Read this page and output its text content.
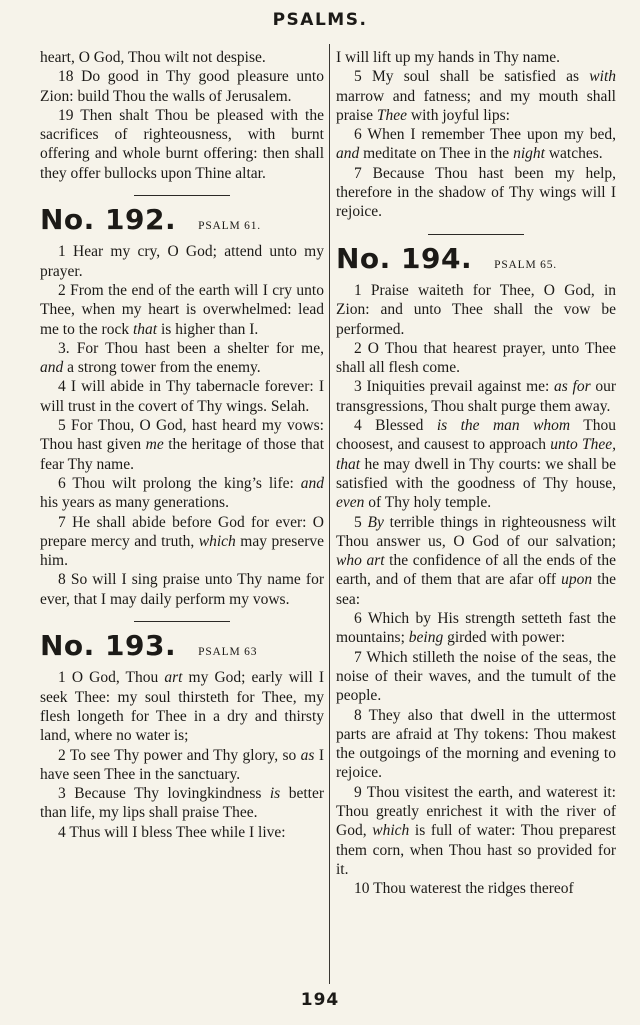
PSALMS.

heart, O God, Thou wilt not despise.

18 Do good in Thy good pleasure unto Zion: build Thou the walls of Jerusalem.

19 Then shalt Thou be pleased with the sacrifices of righteousness, with burnt offering and whole burnt offering: then shall they offer bullocks upon Thine altar.

No. 192. PSALM 61.

1 Hear my cry, O God; attend unto my prayer.

2 From the end of the earth will I cry unto Thee, when my heart is overwhelmed: lead me to the rock that is higher than I.

3. For Thou hast been a shelter for me, and a strong tower from the enemy.

4 I will abide in Thy tabernacle forever: I will trust in the covert of Thy wings. Selah.

5 For Thou, O God, hast heard my vows: Thou hast given me the heritage of those that fear Thy name.

6 Thou wilt prolong the king’s life: and his years as many generations.

7 He shall abide before God for ever: O prepare mercy and truth, which may preserve him.

8 So will I sing praise unto Thy name for ever, that I may daily perform my vows.

No. 193. PSALM 63

1 O God, Thou art my God; early will I seek Thee: my soul thirsteth for Thee, my flesh longeth for Thee in a dry and thirsty land, where no water is;

2 To see Thy power and Thy glory, so as I have seen Thee in the sanctuary.

3 Because Thy lovingkindness is better than life, my lips shall praise Thee.

4 Thus will I bless Thee while I live:

I will lift up my hands in Thy name.

5 My soul shall be satisfied as with marrow and fatness; and my mouth shall praise Thee with joyful lips:

6 When I remember Thee upon my bed, and meditate on Thee in the night watches.

7 Because Thou hast been my help, therefore in the shadow of Thy wings will I rejoice.

No. 194. PSALM 65.

1 Praise waiteth for Thee, O God, in Zion: and unto Thee shall the vow be performed.

2 O Thou that hearest prayer, unto Thee shall all flesh come.

3 Iniquities prevail against me: as for our transgressions, Thou shalt purge them away.

4 Blessed is the man whom Thou choosest, and causest to approach unto Thee, that he may dwell in Thy courts: we shall be satisfied with the goodness of Thy house, even of Thy holy temple.

5 By terrible things in righteousness wilt Thou answer us, O God of our salvation; who art the confidence of all the ends of the earth, and of them that are afar off upon the sea:

6 Which by His strength setteth fast the mountains; being girded with power:

7 Which stilleth the noise of the seas, the noise of their waves, and the tumult of the people.

8 They also that dwell in the uttermost parts are afraid at Thy tokens: Thou makest the outgoings of the morning and evening to rejoice.

9 Thou visitest the earth, and waterest it: Thou greatly enrichest it with the river of God, which is full of water: Thou preparest them corn, when Thou hast so provided for it.

10 Thou waterest the ridges thereof

194
